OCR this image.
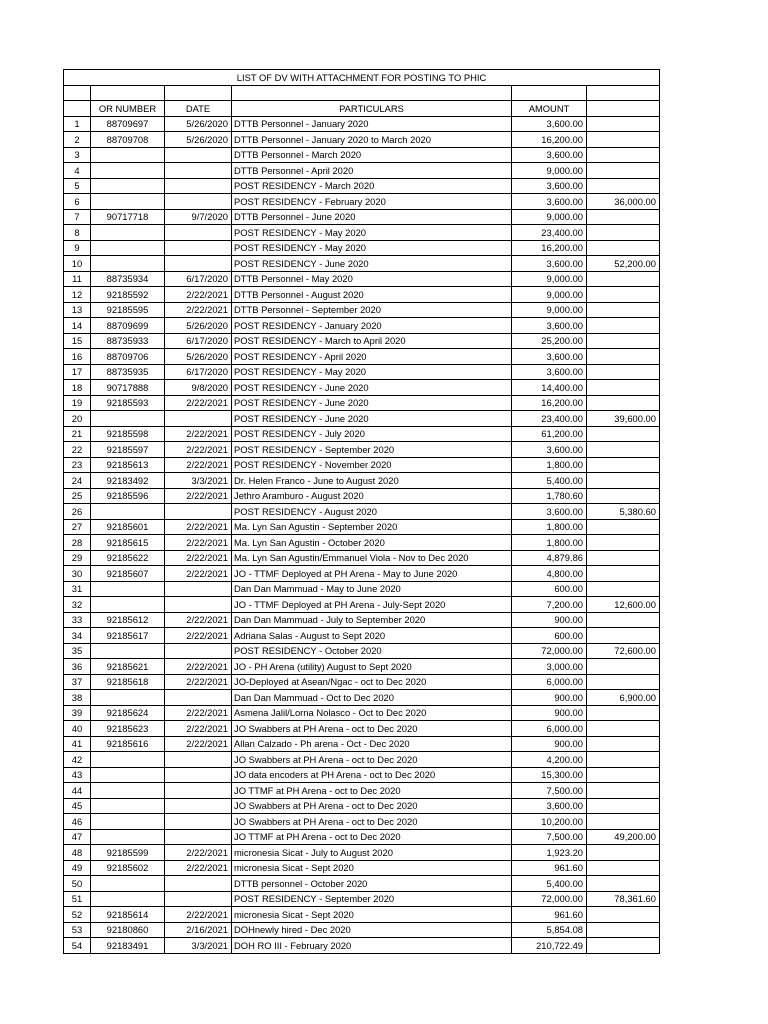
LIST OF DV WITH ATTACHMENT FOR POSTING TO PHIC					

	OR NUMBER	DATE	PARTICULARS	AMOUNT	
1	88709697	5/26/2020	DTTB Personnel - January 2020	3,600.00	
2	88709708	5/26/2020	DTTB Personnel - January 2020 to March 2020	16,200.00	
3			DTTB Personnel - March 2020	3,600.00	
4			DTTB Personnel - April 2020	9,000.00	
5			POST RESIDENCY - March 2020	3,600.00	
6			POST RESIDENCY - February 2020	3,600.00	36,000.00
7	90717718	9/7/2020	DTTB Personnel - June 2020	9,000.00	
8			POST RESIDENCY - May 2020	23,400.00	
9			POST RESIDENCY - May 2020	16,200.00	
10			POST RESIDENCY - June 2020	3,600.00	52,200.00
11	88735934	6/17/2020	DTTB Personnel - May 2020	9,000.00	
12	92185592	2/22/2021	DTTB Personnel - August 2020	9,000.00	
13	92185595	2/22/2021	DTTB Personnel - September 2020	9,000.00	
14	88709699	5/26/2020	POST RESIDENCY - January 2020	3,600.00	
15	88735933	6/17/2020	POST RESIDENCY - March to April 2020	25,200.00	
16	88709706	5/26/2020	POST RESIDENCY - April 2020	3,600.00	
17	88735935	6/17/2020	POST RESIDENCY - May 2020	3,600.00	
18	90717888	9/8/2020	POST RESIDENCY - June 2020	14,400.00	
19	92185593	2/22/2021	POST RESIDENCY - June 2020	16,200.00	
20			POST RESIDENCY - June 2020	23,400.00	39,600.00
21	92185598	2/22/2021	POST RESIDENCY - July 2020	61,200.00	
22	92185597	2/22/2021	POST RESIDENCY - September 2020	3,600.00	
23	92185613	2/22/2021	POST RESIDENCY - November 2020	1,800.00	
24	92183492	3/3/2021	Dr. Helen Franco - June to August 2020	5,400.00	
25	92185596	2/22/2021	Jethro Aramburo - August 2020	1,780.60	
26			POST RESIDENCY - August 2020	3,600.00	5,380.60
27	92185601	2/22/2021	Ma. Lyn San Agustin - September 2020	1,800.00	
28	92185615	2/22/2021	Ma. Lyn San Agustin - October 2020	1,800.00	
29	92185622	2/22/2021	Ma. Lyn San Agustin/Emmanuel Viola - Nov to Dec 2020	4,879.86	
30	92185607	2/22/2021	JO - TTMF Deployed at PH Arena - May to June 2020	4,800.00	
31			Dan Dan Mammuad - May to June 2020	600.00	
32			JO - TTMF Deployed at PH Arena - July-Sept 2020	7,200.00	12,600.00
33	92185612	2/22/2021	Dan Dan Mammuad - July to September 2020	900.00	
34	92185617	2/22/2021	Adriana Salas - August to Sept 2020	600.00	
35			POST RESIDENCY - October 2020	72,000.00	72,600.00
36	92185621	2/22/2021	JO - PH Arena (utility) August to Sept 2020	3,000.00	
37	92185618	2/22/2021	JO-Deployed at Asean/Ngac - oct to Dec 2020	6,000.00	
38			Dan Dan Mammuad - Oct to Dec 2020	900.00	6,900.00
39	92185624	2/22/2021	Asmena Jalil/Lorna Nolasco - Oct to Dec 2020	900.00	
40	92185623	2/22/2021	JO Swabbers at PH Arena - oct to Dec 2020	6,000.00	
41	92185616	2/22/2021	Allan Calzado - Ph arena - Oct - Dec 2020	900.00	
42			JO Swabbers at PH Arena - oct to Dec 2020	4,200.00	
43			JO data encoders at PH Arena - oct to Dec 2020	15,300.00	
44			JO TTMF at PH Arena - oct to Dec 2020	7,500.00	
45			JO Swabbers at PH Arena - oct to Dec 2020	3,600.00	
46			JO Swabbers at PH Arena - oct to Dec 2020	10,200.00	
47			JO TTMF at PH Arena - oct to Dec 2020	7,500.00	49,200.00
48	92185599	2/22/2021	micronesia Sicat - July to August 2020	1,923.20	
49	92185602	2/22/2021	micronesia Sicat - Sept 2020	961.60	
50			DTTB personnel - October 2020	5,400.00	
51			POST RESIDENCY - September 2020	72,000.00	78,361.60
52	92185614	2/22/2021	micronesia Sicat - Sept 2020	961.60	
53	92180860	2/16/2021	DOHnewly hired - Dec 2020	5,854.08	
54	92183491	3/3/2021	DOH RO III - February 2020	210,722.49	
